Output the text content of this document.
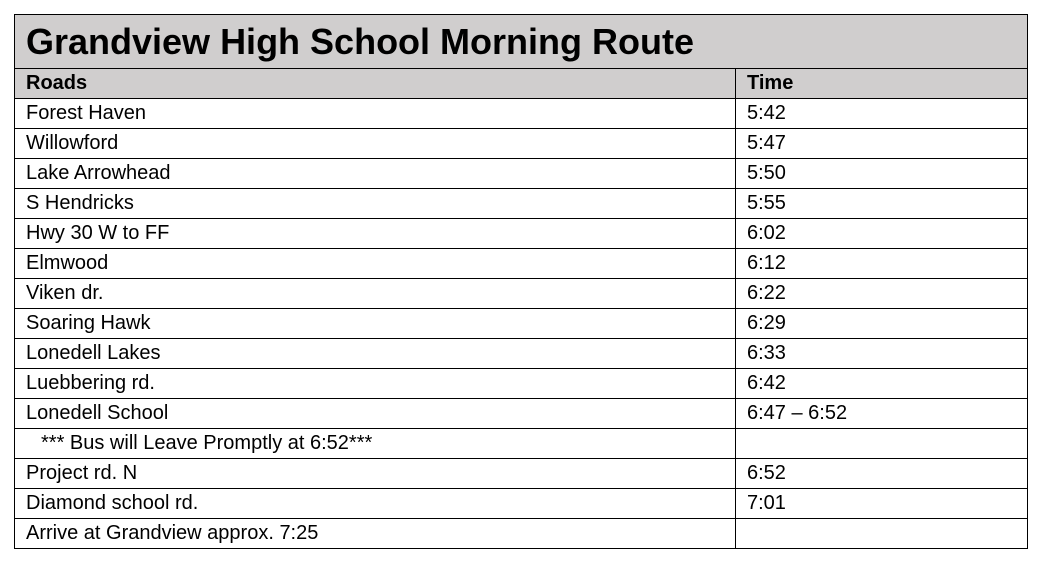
Grandview High School Morning Route	
Roads	Time
Forest Haven	5:42
Willowford	5:47
Lake Arrowhead	5:50
S Hendricks	5:55
Hwy 30 W to FF	6:02
Elmwood	6:12
Viken dr.	6:22
Soaring Hawk	6:29
Lonedell Lakes	6:33
Luebbering rd.	6:42
Lonedell School	6:47 – 6:52
*** Bus will Leave Promptly at 6:52***	
Project rd. N	6:52
Diamond school rd.	7:01
Arrive at Grandview approx. 7:25	
